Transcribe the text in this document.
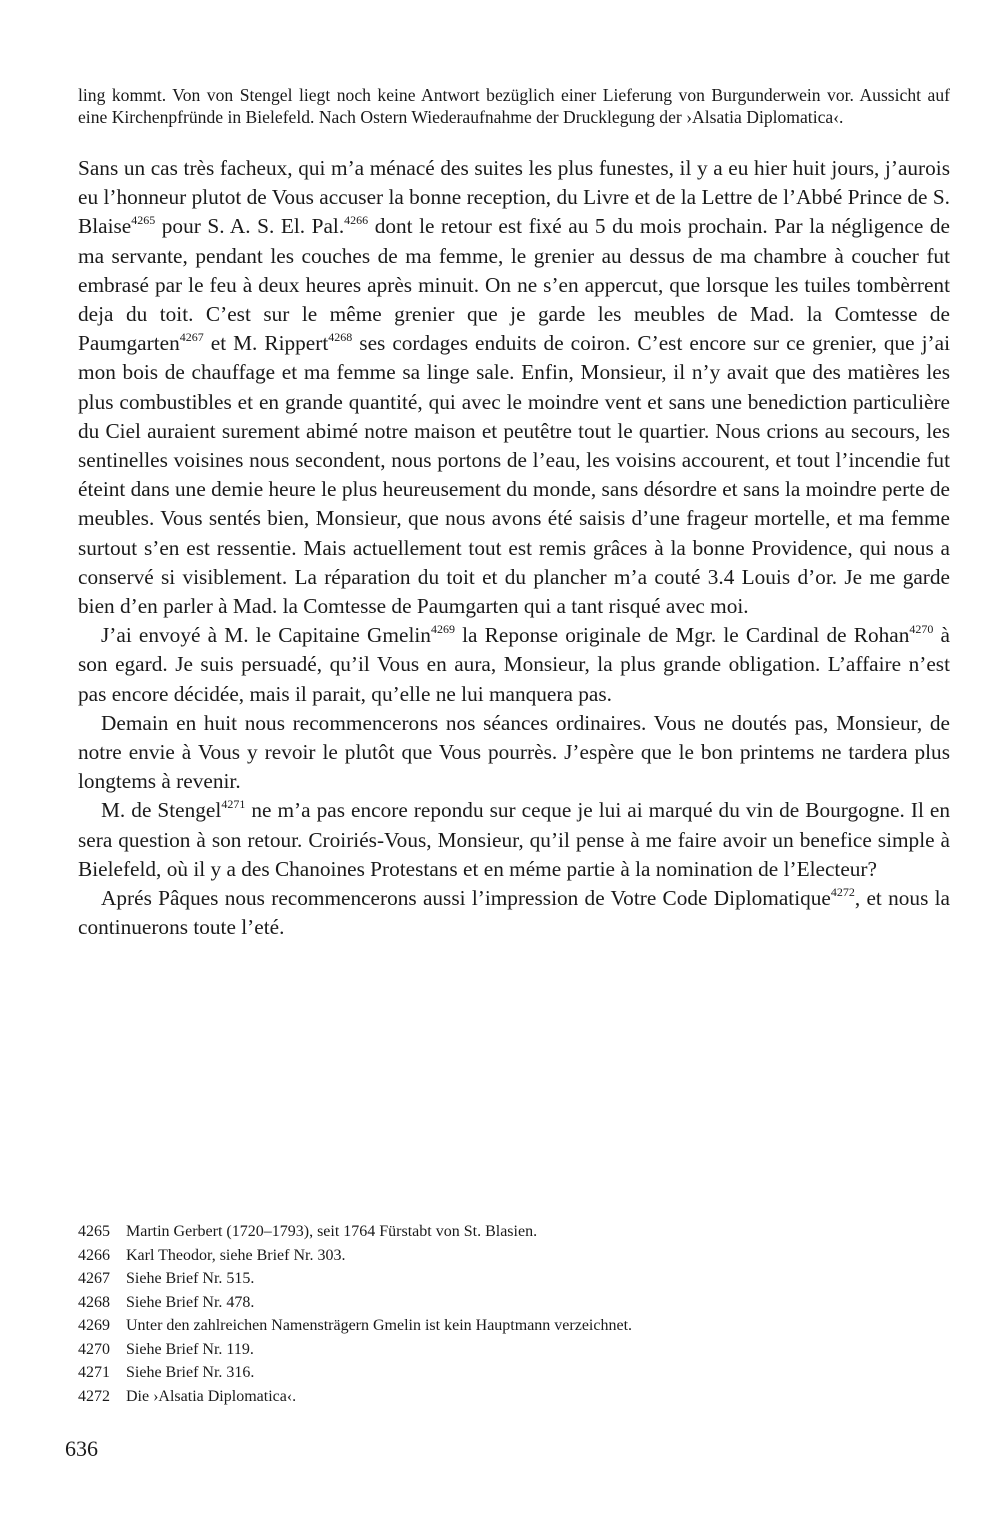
ling kommt. Von von Stengel liegt noch keine Antwort bezüglich einer Lieferung von Burgunderwein vor. Aussicht auf eine Kirchenpfründe in Bielefeld. Nach Ostern Wiederaufnahme der Drucklegung der ›Alsatia Diplomatica‹.

Sans un cas très facheux, qui m’a ménacé des suites les plus funestes, il y a eu hier huit jours, j’aurois eu l’honneur plutot de Vous accuser la bonne reception, du Livre et de la Lettre de l’Abbé Prince de S. Blaise$^{4265}$ pour S. A. S. El. Pal.$^{4266}$ dont le retour est fixé au 5 du mois prochain. Par la négligence de ma servante, pendant les couches de ma femme, le grenier au dessus de ma chambre à coucher fut embrasé par le feu à deux heures après minuit. On ne s’en appercut, que lorsque les tuiles tombèrrent deja du toit. C’est sur le même grenier que je garde les meubles de Mad. la Comtesse de Paumgarten$^{4267}$ et M. Rippert$^{4268}$ ses cordages enduits de coiron. C’est encore sur ce grenier, que j’ai mon bois de chauffage et ma femme sa linge sale. Enfin, Monsieur, il n’y avait que des matières les plus combustibles et en grande quantité, qui avec le moindre vent et sans une benediction particulière du Ciel auraient surement abimé notre maison et peutêtre tout le quartier. Nous crions au secours, les sentinelles voisines nous secondent, nous portons de l’eau, les voisins accourent, et tout l’incendie fut éteint dans une demie heure le plus heureusement du monde, sans désordre et sans la moindre perte de meubles. Vous sentés bien, Monsieur, que nous avons été saisis d’une frageur mortelle, et ma femme surtout s’en est ressentie. Mais actuellement tout est remis grâces à la bonne Providence, qui nous a conservé si visiblement. La réparation du toit et du plancher m’a couté 3.4 Louis d’or. Je me garde bien d’en parler à Mad. la Comtesse de Paumgarten qui a tant risqué avec moi.

J’ai envoyé à M. le Capitaine Gmelin$^{4269}$ la Reponse originale de Mgr. le Cardinal de Rohan$^{4270}$ à son egard. Je suis persuadé, qu’il Vous en aura, Monsieur, la plus grande obligation. L’affaire n’est pas encore décidée, mais il parait, qu’elle ne lui manquera pas.

Demain en huit nous recommencerons nos séances ordinaires. Vous ne doutés pas, Monsieur, de notre envie à Vous y revoir le plutôt que Vous pourrès. J’espère que le bon printems ne tardera plus longtems à revenir.

M. de Stengel$^{4271}$ ne m’a pas encore repondu sur ceque je lui ai marqué du vin de Bourgogne. Il en sera question à son retour. Croiriés-Vous, Monsieur, qu’il pense à me faire avoir un benefice simple à Bielefeld, où il y a des Chanoines Protestans et en méme partie à la nomination de l’Electeur?

Aprés Pâques nous recommencerons aussi l’impression de Votre Code Diplomatique$^{4272}$, et nous la continuerons toute l’eté.

4265 Martin Gerbert (1720–1793), seit 1764 Fürstabt von St. Blasien.
4266 Karl Theodor, siehe Brief Nr. 303.
4267 Siehe Brief Nr. 515.
4268 Siehe Brief Nr. 478.
4269 Unter den zahlreichen Namensträgern Gmelin ist kein Hauptmann verzeichnet.
4270 Siehe Brief Nr. 119.
4271 Siehe Brief Nr. 316.
4272 Die ›Alsatia Diplomatica‹.
636
